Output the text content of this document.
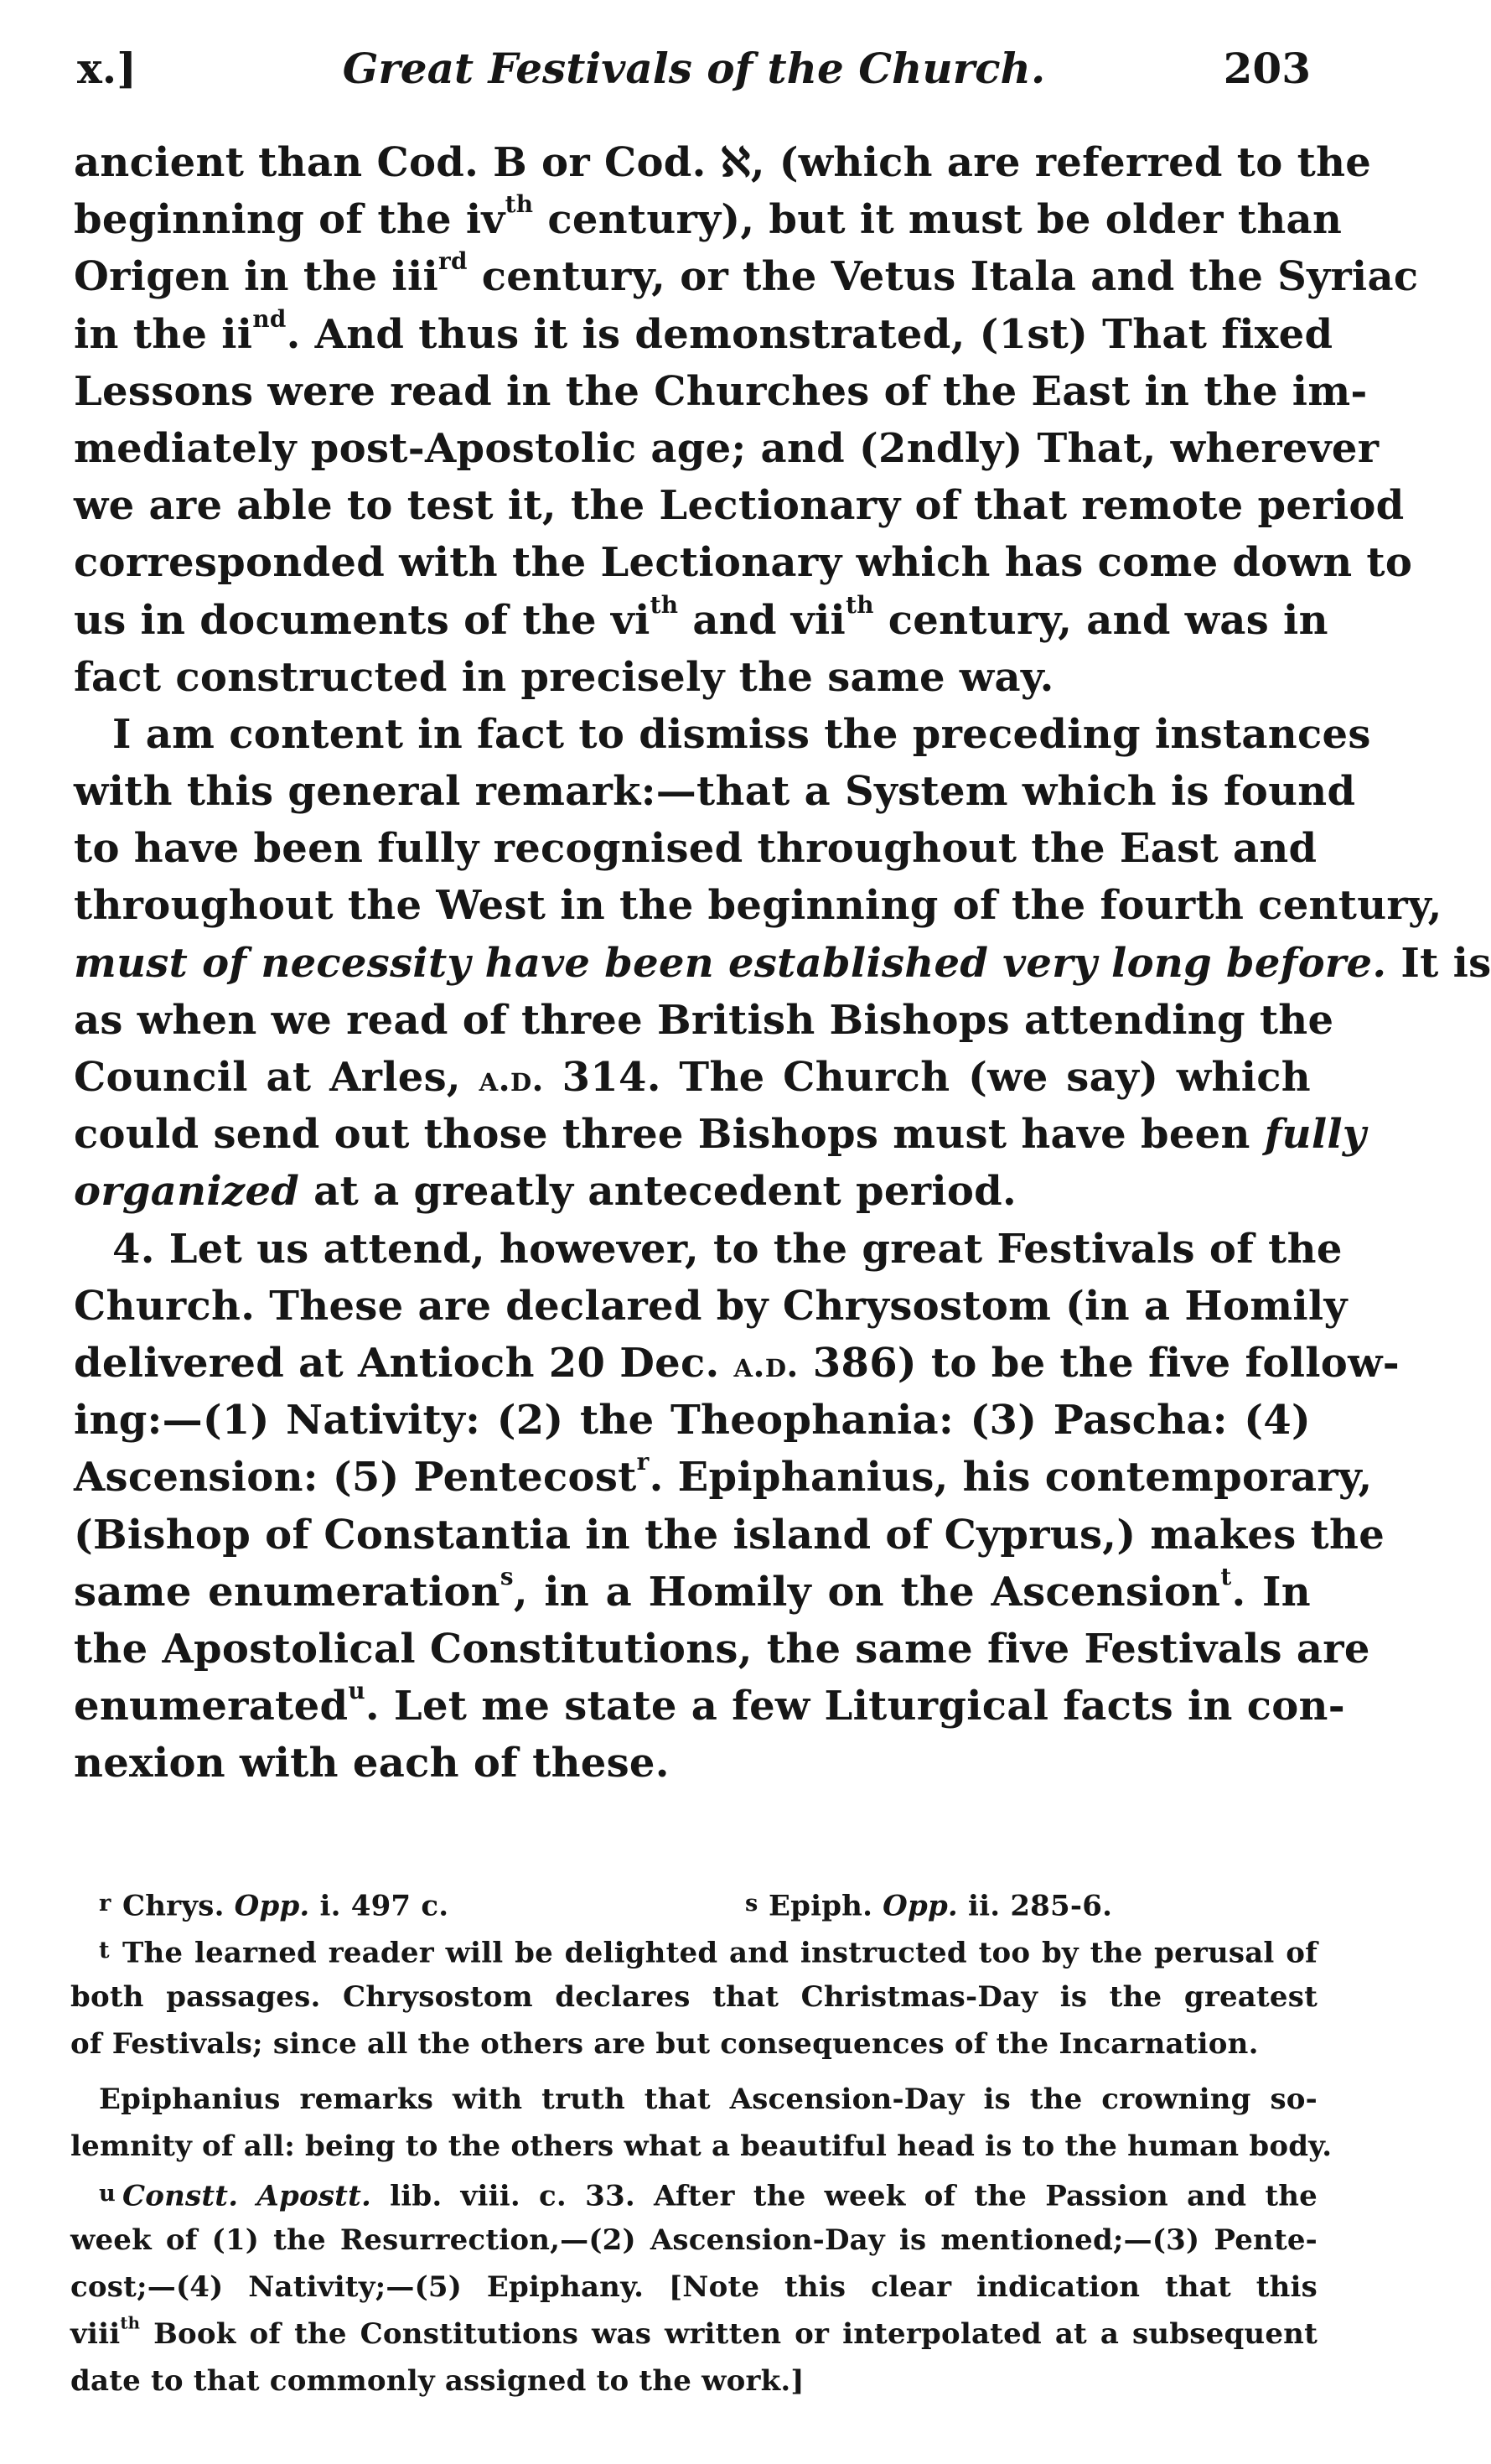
x.]	Great Festivals of the Church.	203
ancient than Cod. B or Cod. ℵ, (which are referred to the
beginning of the $iv^{th}$ century), but it must be older than
Origen in the iii$^{rd}$ century, or the Vetus Itala and the Syriac
in the $ii^{nd}$. And thus it is demonstrated, (1st) That fixed
Lessons were read in the Churches of the East in the im-
mediately post-Apostolic age; and (2ndly) That, wherever
we are able to test it, the Lectionary of that remote period
corresponded with the Lectionary which has come down to
us in documents of the $vi^{th}$ and vii$^{th}$ century, and was in
fact constructed in precisely the same way.
I am content in fact to dismiss the preceding instances
with this general remark:—that a System which is found
to have been fully recognised throughout the East and
throughout the West in the beginning of the fourth century,
must of necessity have been established very long before. It is
as when we read of three British Bishops attending the
Council at Arles, a.d. 314. The Church (we say) which
could send out those three Bishops must have been fully
organized at a greatly antecedent period.
4. Let us attend, however, to the great Festivals of the
Church. These are declared by Chrysostom (in a Homily
delivered at Antioch 20 Dec. a.d. 386) to be the five follow-
ing:—(1) Nativity: (2) the Theophania: (3) Pascha: (4)
Ascension: (5) Pentecost$^r$. Epiphanius, his contemporary,
(Bishop of Constantia in the island of Cyprus,) makes the
same enumeration$^s$, in a Homily on the Ascension$^t$. In
the Apostolical Constitutions, the same five Festivals are
enumerated$^u$. Let me state a few Liturgical facts in con-
nexion with each of these.
r Chrys. Opp. i. 497 c.	s Epiph. Opp. ii. 285-6.
t The learned reader will be delighted and instructed too by the perusal of
both passages. Chrysostom declares that Christmas-Day is the greatest
of Festivals; since all the others are but consequences of the Incarnation.
Epiphanius remarks with truth that Ascension-Day is the crowning so-
lemnity of all: being to the others what a beautiful head is to the human body.
u Constt. Apostt. lib. viii. c. 33. After the week of the Passion and the
week of (1) the Resurrection,—(2) Ascension-Day is mentioned;—(3) Pente-
cost;—(4) Nativity;—(5) Epiphany. [Note this clear indication that this
viii$^{th}$ Book of the Constitutions was written or interpolated at a subsequent
date to that commonly assigned to the work.]
